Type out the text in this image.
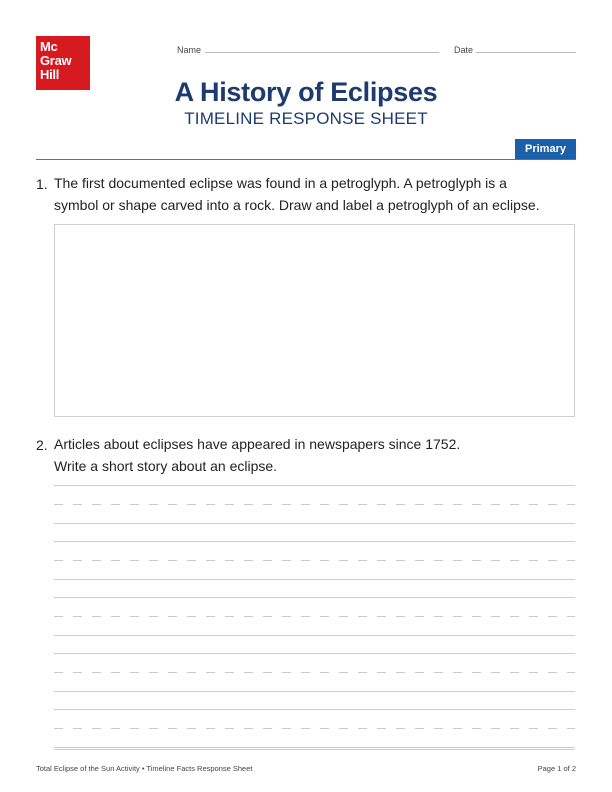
Mc
Graw
Hill
Name	Date
A History of Eclipses
TIMELINE RESPONSE SHEET
Primary
1. The first documented eclipse was found in a petroglyph. A petroglyph is a
symbol or shape carved into a rock. Draw and label a petroglyph of an eclipse.
2. Articles about eclipses have appeared in newspapers since 1752.
Write a short story about an eclipse.
Total Eclipse of the Sun Activity • Timeline Facts Response Sheet	Page 1 of 2
